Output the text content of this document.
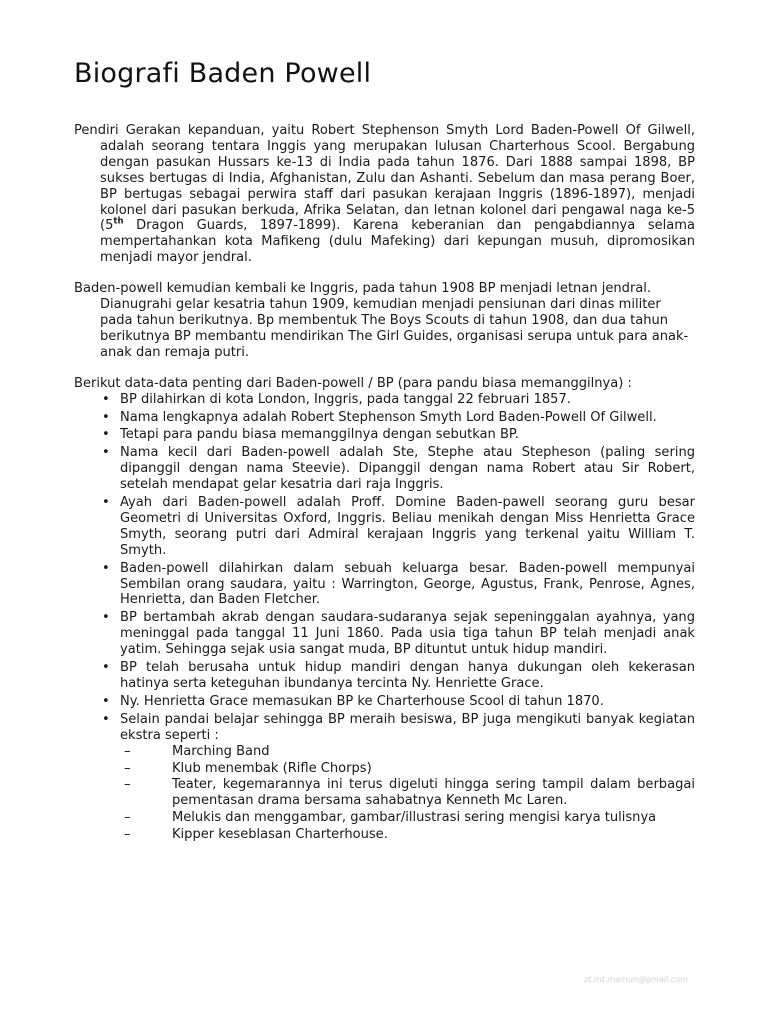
Biografi Baden Powell

Pendiri Gerakan kepanduan, yaitu Robert Stephenson Smyth Lord Baden-Powell Of Gilwell, adalah seorang tentara Inggis yang merupakan lulusan Charterhous Scool. Bergabung dengan pasukan Hussars ke-13 di India pada tahun 1876. Dari 1888 sampai 1898, BP sukses bertugas di India, Afghanistan, Zulu dan Ashanti. Sebelum dan masa perang Boer, BP bertugas sebagai perwira staff dari pasukan kerajaan Inggris (1896-1897), menjadi kolonel dari pasukan berkuda, Afrika Selatan, dan letnan kolonel dari pengawal naga ke-5 (5th Dragon Guards, 1897-1899). Karena keberanian dan pengabdiannya selama mempertahankan kota Mafikeng (dulu Mafeking) dari kepungan musuh, dipromosikan menjadi mayor jendral.

Baden-powell kemudian kembali ke Inggris, pada tahun 1908 BP menjadi letnan jendral. Dianugrahi gelar kesatria tahun 1909, kemudian menjadi pensiunan dari dinas militer pada tahun berikutnya. Bp membentuk The Boys Scouts di tahun 1908, dan dua tahun berikutnya BP membantu mendirikan The Girl Guides, organisasi serupa untuk para anak-anak dan remaja putri.

Berikut data-data penting dari Baden-powell / BP (para pandu biasa memanggilnya) :

• BP dilahirkan di kota London, Inggris, pada tanggal 22 februari 1857.
• Nama lengkapnya adalah Robert Stephenson Smyth Lord Baden-Powell Of Gilwell.
• Tetapi para pandu biasa memanggilnya dengan sebutkan BP.
• Nama kecil dari Baden-powell adalah Ste, Stephe atau Stepheson (paling sering dipanggil dengan nama Steevie). Dipanggil dengan nama Robert atau Sir Robert, setelah mendapat gelar kesatria dari raja Inggris.
• Ayah dari Baden-powell adalah Proff. Domine Baden-pawell seorang guru besar Geometri di Universitas Oxford, Inggris. Beliau menikah dengan Miss Henrietta Grace Smyth, seorang putri dari Admiral kerajaan Inggris yang terkenal yaitu William T. Smyth.
• Baden-powell dilahirkan dalam sebuah keluarga besar. Baden-powell mempunyai Sembilan orang saudara, yaitu : Warrington, George, Agustus, Frank, Penrose, Agnes, Henrietta, dan Baden Fletcher.
• BP bertambah akrab dengan saudara-sudaranya sejak sepeninggalan ayahnya, yang meninggal pada tanggal 11 Juni 1860. Pada usia tiga tahun BP telah menjadi anak yatim. Sehingga sejak usia sangat muda, BP dituntut untuk hidup mandiri.
• BP telah berusaha untuk hidup mandiri dengan hanya dukungan oleh kekerasan hatinya serta keteguhan ibundanya tercinta Ny. Henriette Grace.
• Ny. Henrietta Grace memasukan BP ke Charterhouse Scool di tahun 1870.
• Selain pandai belajar sehingga BP meraih besiswa, BP juga mengikuti banyak kegiatan ekstra seperti :
–	Marching Band
–	Klub menembak (Rifle Chorps)
–	Teater, kegemarannya ini terus digeluti hingga sering tampil dalam berbagai pementasan drama bersama sahabatnya Kenneth Mc Laren.
–	Melukis dan menggambar, gambar/illustrasi sering mengisi karya tulisnya
–	Kipper keseblasan Charterhouse.
zt.mt.mamun@gmail.com
